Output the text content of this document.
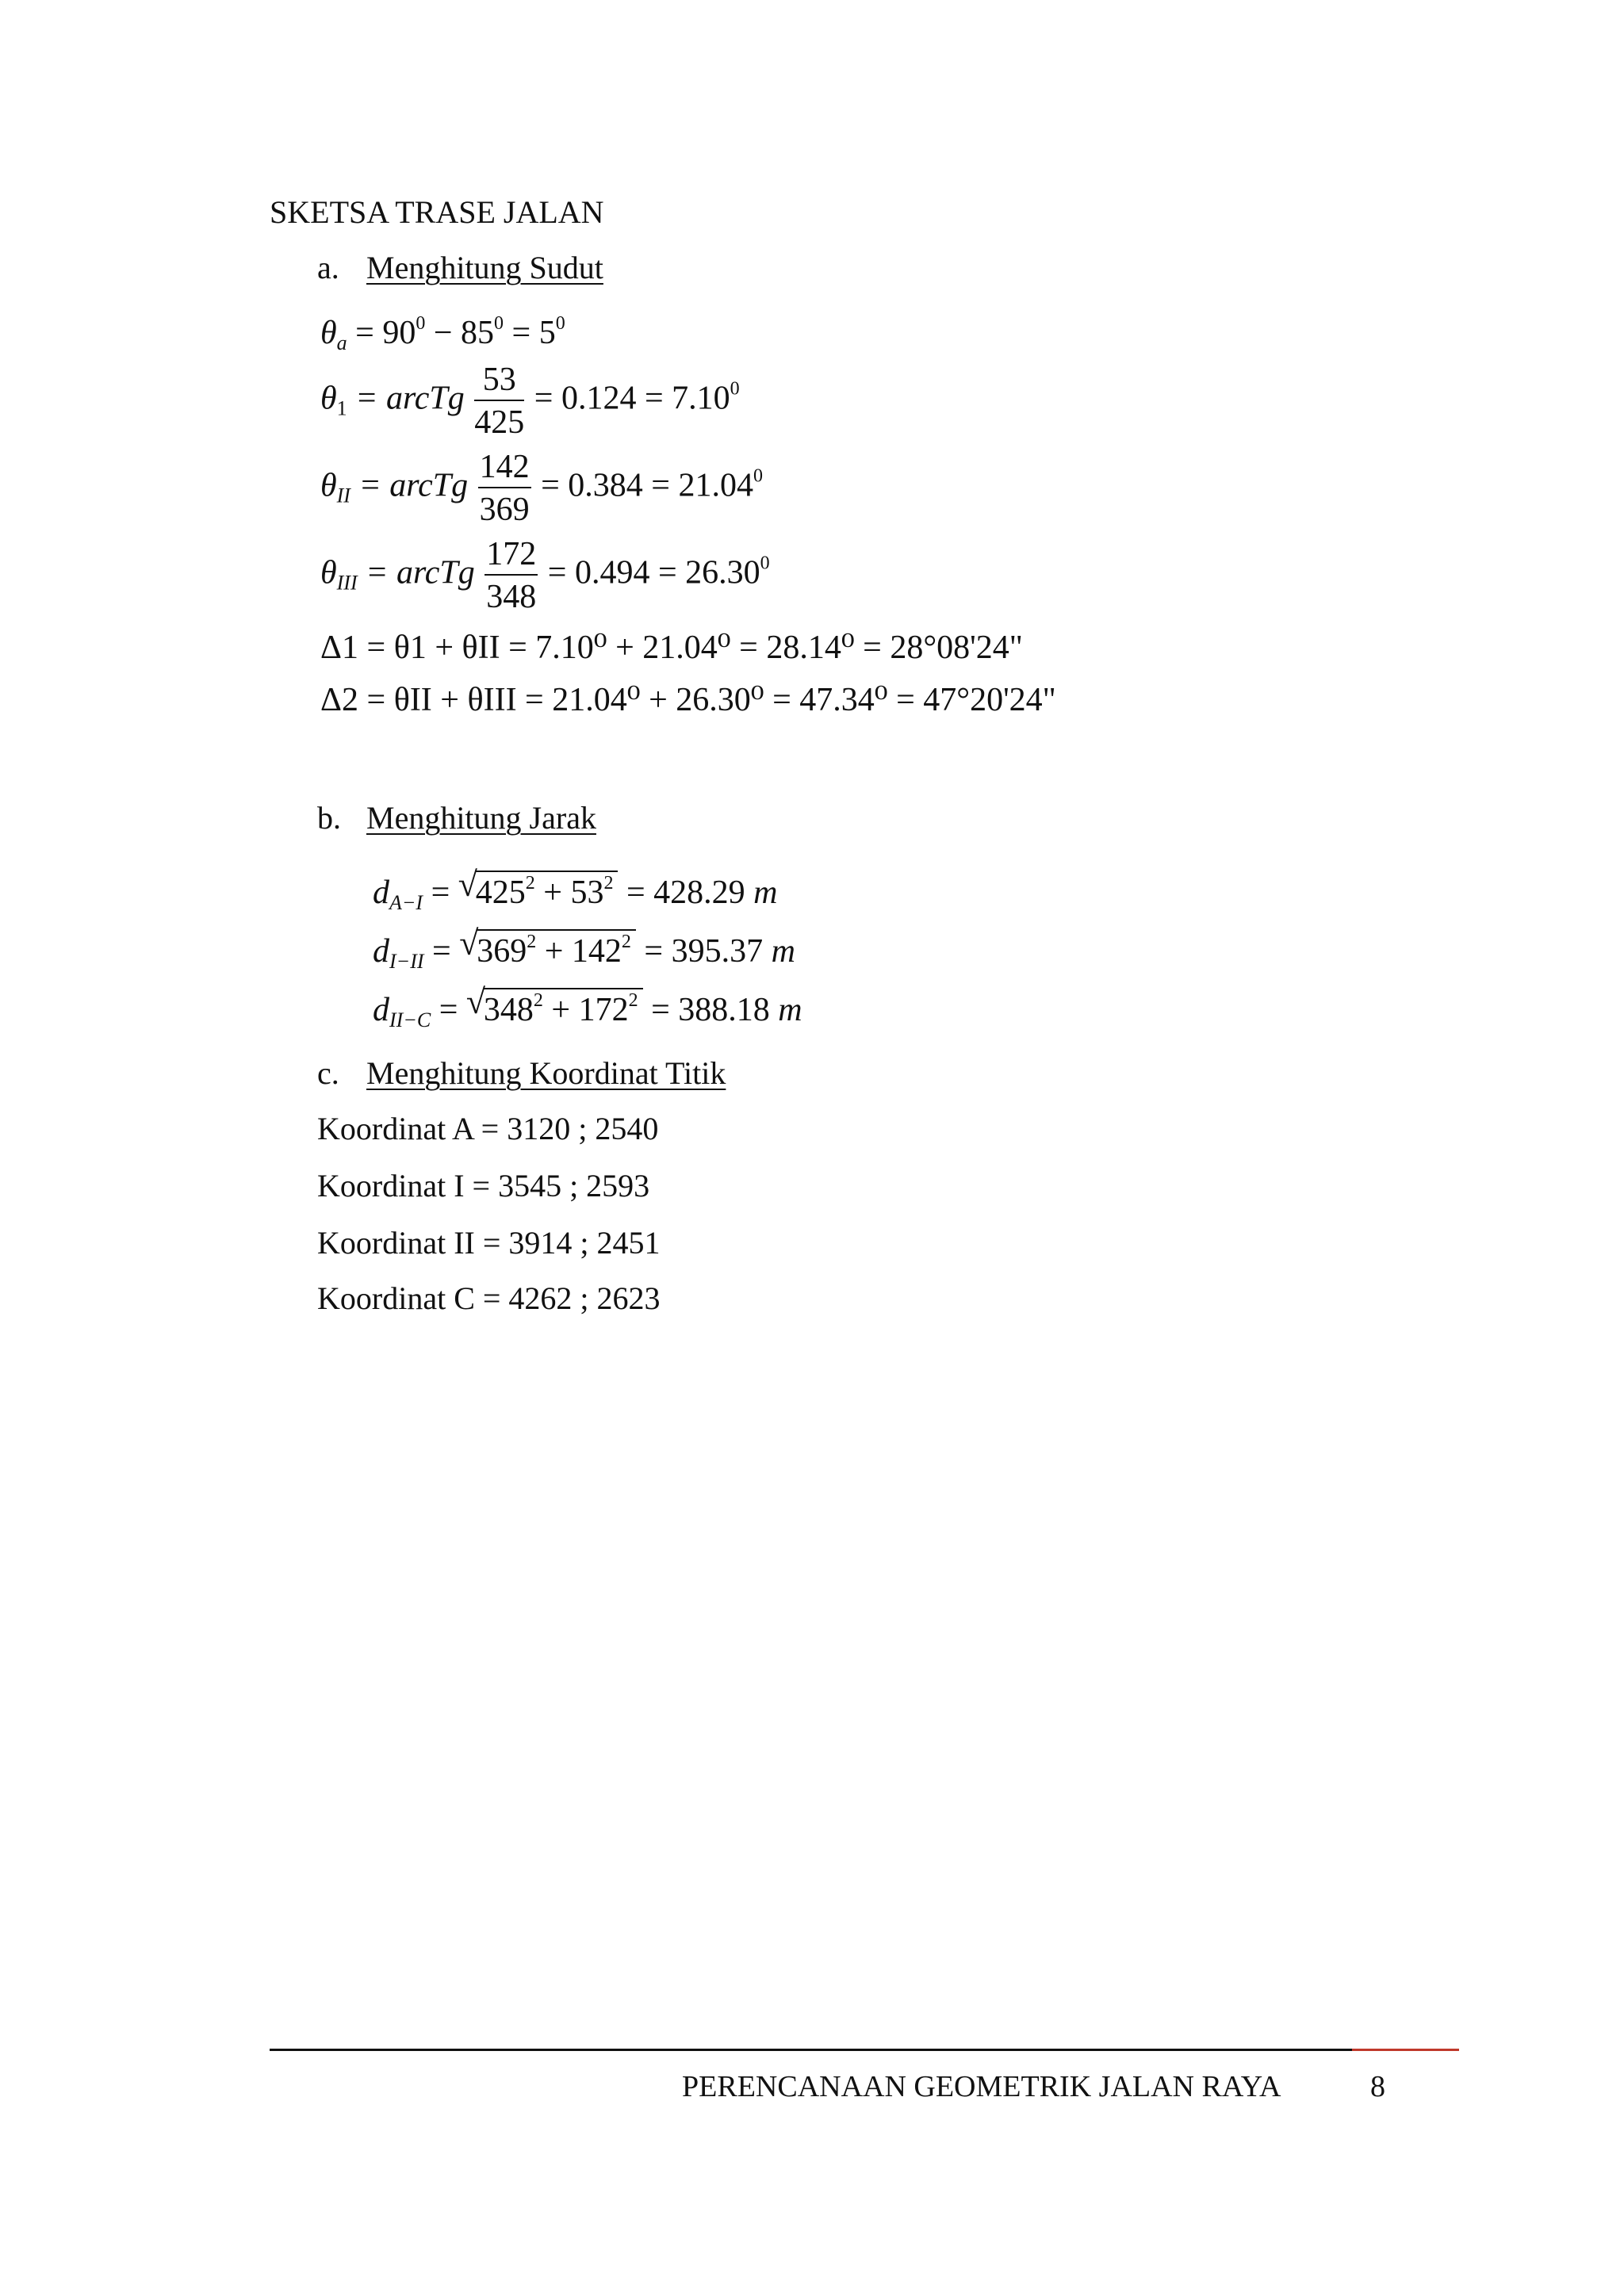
SKETSA TRASE JALAN
a. Menghitung Sudut
$\theta_a = 90^0 - 85^0 = 5^0$
$\theta_1$ = arcTg $\frac{53}{425} = 0.124 = 7.10^0$
$\theta_{II}$ = arcTg $\frac{142}{369} = 0.384 = 21.04^0$
$\theta_{III}$ = arcTg $\frac{172}{348} = 0.494 = 26.30^0$
Δ1 = θ1 + θII = 7.10⁰ + 21.04⁰ = 28.14⁰ = 28°08'24"
Δ2 = θII + θIII = 21.04⁰ + 26.30⁰ = 47.34⁰ = 47°20'24"
b. Menghitung Jarak
$d_{A-I}$ = √
$425^2 + 53^2 = 428.29$ m
$d_{I-II}$ = √
$369^2 + 142^2 = 395.37$ m
$d_{II-C}$ = √
$348^2 + 172^2 = 388.18$ m
c. Menghitung Koordinat Titik
Koordinat A = 3120 ; 2540
Koordinat I = 3545 ; 2593
Koordinat II = 3914 ; 2451
Koordinat C = 4262 ; 2623
PERENCANAAN GEOMETRIK JALAN RAYA	8
